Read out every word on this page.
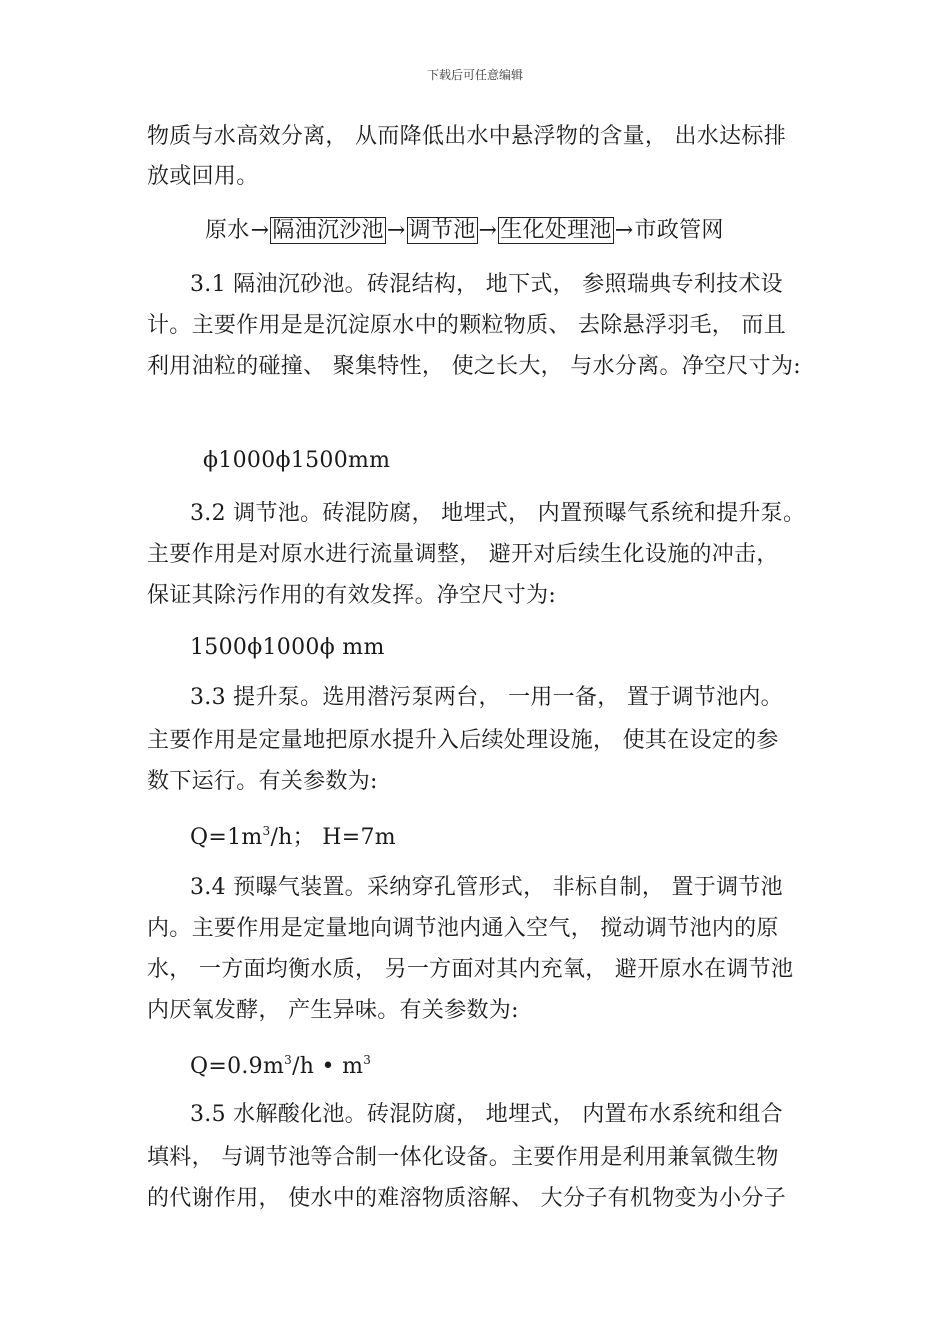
下载后可任意编辑
物质与水高效分离， 从而降低出水中悬浮物的含量， 出水达标排
放或回用。
原水→ 隔油沉沙池 → 调节池 → 生化处理池 →市政管网
3.1 隔油沉砂池。砖混结构， 地下式， 参照瑞典专利技术设
计。主要作用是是沉淀原水中的颗粒物质、 去除悬浮羽毛， 而且
利用油粒的碰撞、 聚集特性， 使之长大， 与水分离。净空尺寸为:
ϕ1000ϕ1500mm
3.2 调节池。砖混防腐， 地埋式， 内置预曝气系统和提升泵。
主要作用是对原水进行流量调整， 避开对后续生化设施的冲击，
保证其除污作用的有效发挥。净空尺寸为:
1500ϕ1000ϕ mm
3.3 提升泵。选用潜污泵两台， 一用一备， 置于调节池内。
主要作用是定量地把原水提升入后续处理设施， 使其在设定的参
数下运行。有关参数为:
$Q=1m^3/h$； H=7m
3.4 预曝气装置。采纳穿孔管形式， 非标自制， 置于调节池
内。主要作用是定量地向调节池内通入空气， 搅动调节池内的原
水， 一方面均衡水质， 另一方面对其内充氧， 避开原水在调节池
内厌氧发酵， 产生异味。有关参数为:
$Q=0.9m^3/h$ • $m^3$
3.5 水解酸化池。砖混防腐， 地埋式， 内置布水系统和组合
填料， 与调节池等合制一体化设备。主要作用是利用兼氧微生物
的代谢作用， 使水中的难溶物质溶解、 大分子有机物变为小分子
